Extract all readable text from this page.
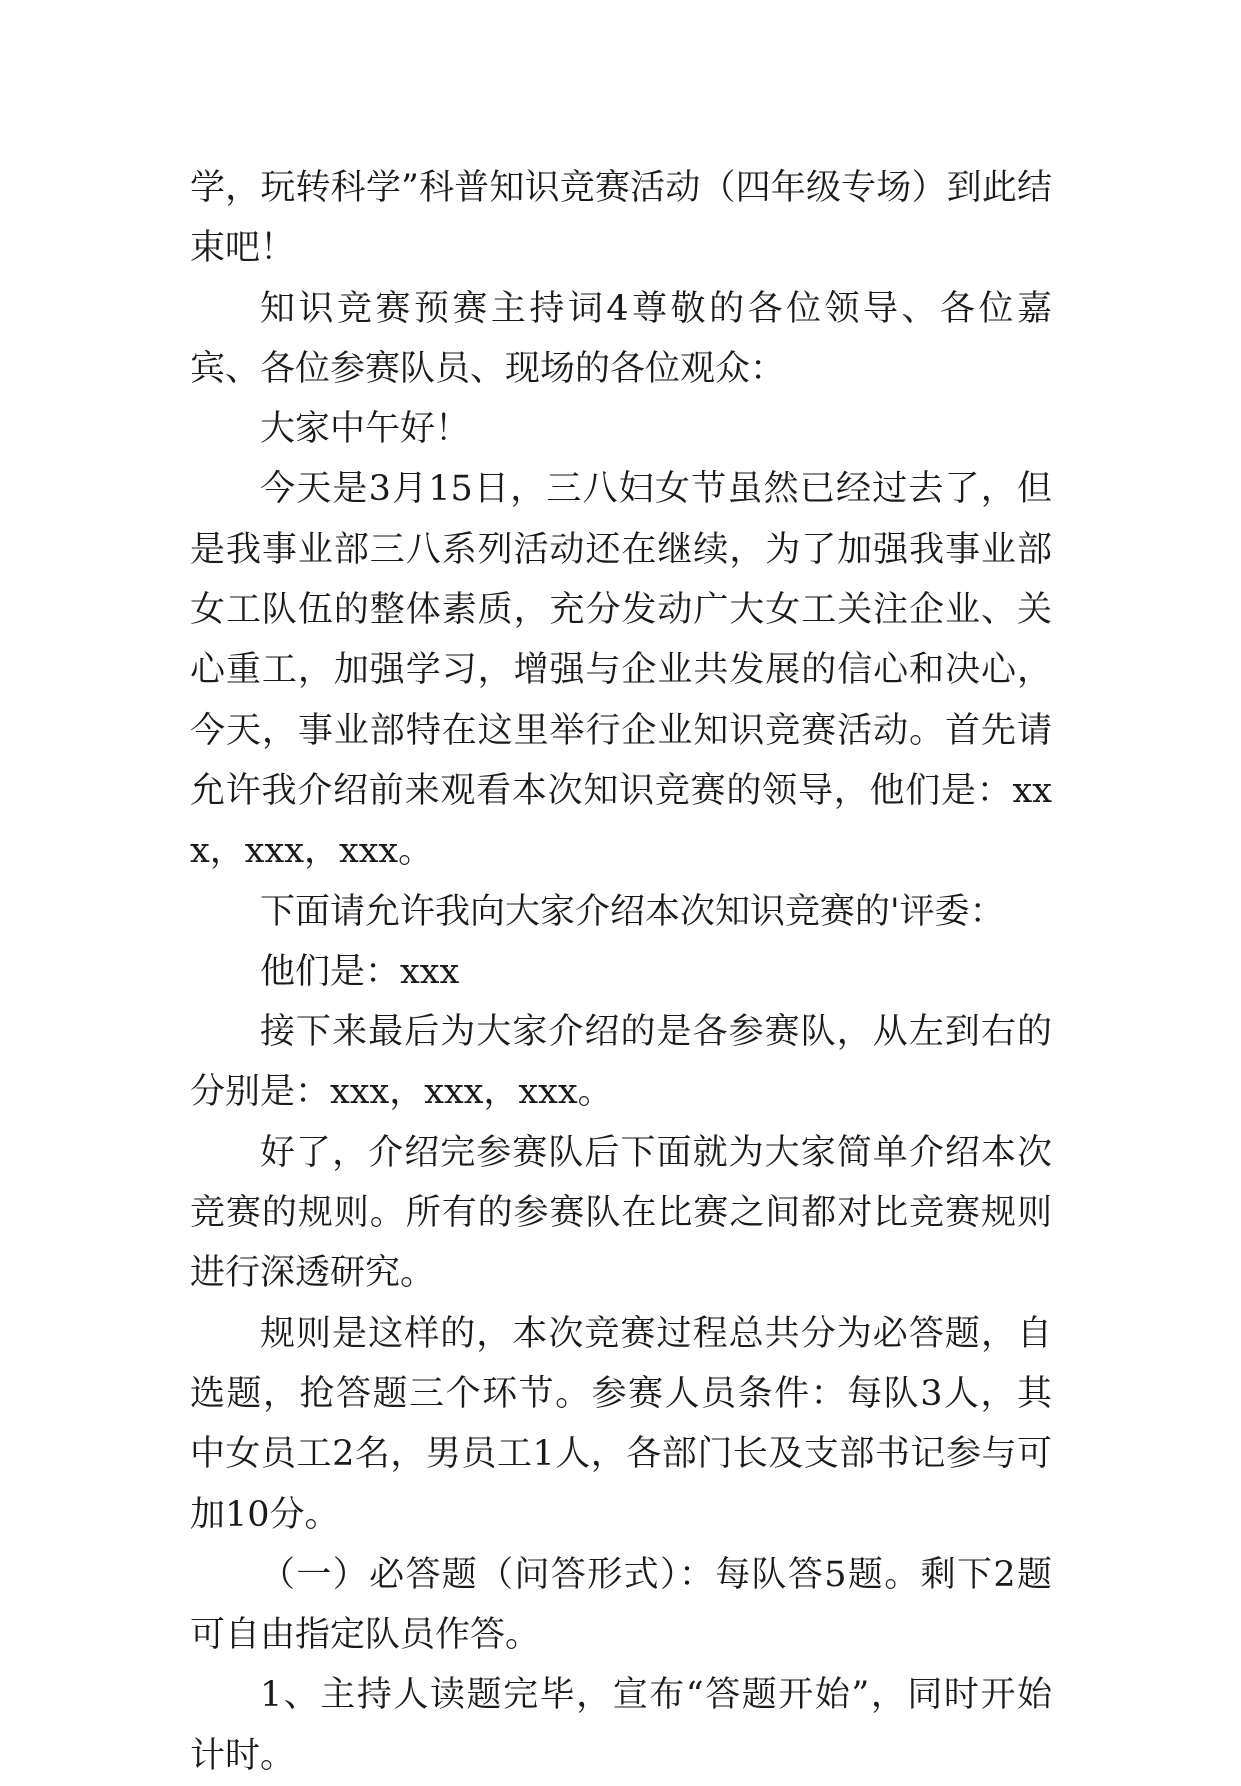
学，玩转科学”科普知识竞赛活动（四年级专场）到此结束吧！

知识竞赛预赛主持词4尊敬的各位领导、各位嘉宾、各位参赛队员、现场的各位观众：

大家中午好！

今天是3月15日，三八妇女节虽然已经过去了，但是我事业部三八系列活动还在继续，为了加强我事业部女工队伍的整体素质，充分发动广大女工关注企业、关心重工，加强学习，增强与企业共发展的信心和决心，今天，事业部特在这里举行企业知识竞赛活动。首先请允许我介绍前来观看本次知识竞赛的领导，他们是：xxx，xxx，xxx。

下面请允许我向大家介绍本次知识竞赛的'评委：

他们是：xxx

接下来最后为大家介绍的是各参赛队，从左到右的分别是：xxx，xxx，xxx。

好了，介绍完参赛队后下面就为大家简单介绍本次竞赛的规则。所有的参赛队在比赛之间都对比竞赛规则进行深透研究。

规则是这样的，本次竞赛过程总共分为必答题，自选题，抢答题三个环节。参赛人员条件：每队3人，其中女员工2名，男员工1人，各部门长及支部书记参与可加10分。

（一）必答题（问答形式）：每队答5题。剩下2题可自由指定队员作答。

1、主持人读题完毕，宣布“答题开始”，同时开始计时。
